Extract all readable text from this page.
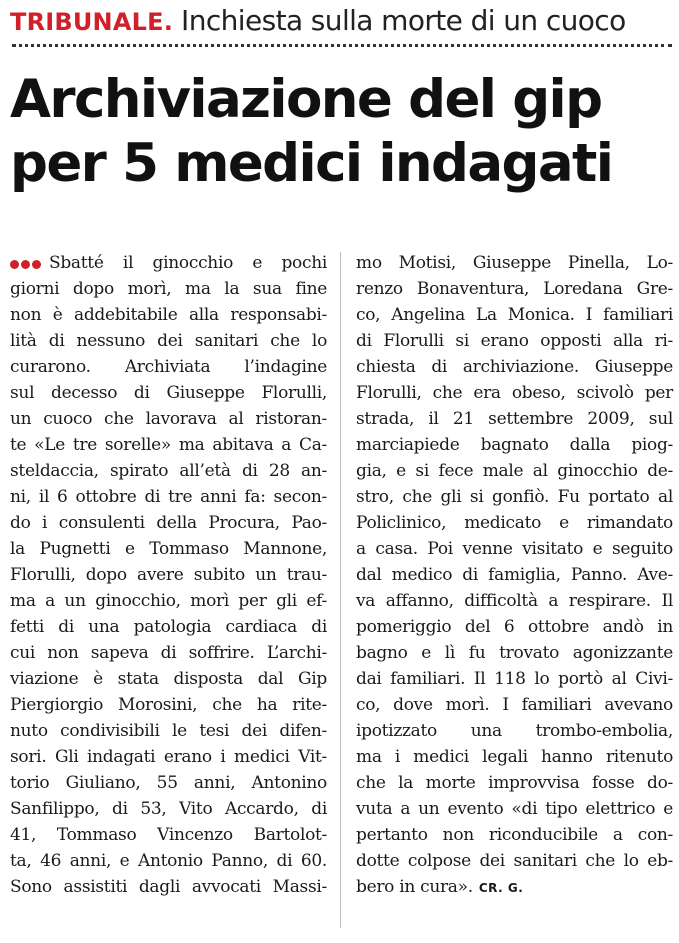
TRIBUNALE. Inchiesta sulla morte di un cuoco
Archiviazione del gip
per 5 medici indagati
Sbatté il ginocchio e pochi
giorni dopo morì, ma la sua fine
non è addebitabile alla responsabi-
lità di nessuno dei sanitari che lo
curarono. Archiviata l’indagine
sul decesso di Giuseppe Florulli,
un cuoco che lavorava al ristoran-
te «Le tre sorelle» ma abitava a Ca-
steldaccia, spirato all’età di 28 an-
ni, il 6 ottobre di tre anni fa: secon-
do i consulenti della Procura, Pao-
la Pugnetti e Tommaso Mannone,
Florulli, dopo avere subito un trau-
ma a un ginocchio, morì per gli ef-
fetti di una patologia cardiaca di
cui non sapeva di soffrire. L’archi-
viazione è stata disposta dal Gip
Piergiorgio Morosini, che ha rite-
nuto condivisibili le tesi dei difen-
sori. Gli indagati erano i medici Vit-
torio Giuliano, 55 anni, Antonino
Sanfilippo, di 53, Vito Accardo, di
41, Tommaso Vincenzo Bartolot-
ta, 46 anni, e Antonio Panno, di 60.
Sono assistiti dagli avvocati Massi-
mo Motisi, Giuseppe Pinella, Lo-
renzo Bonaventura, Loredana Gre-
co, Angelina La Monica. I familiari
di Florulli si erano opposti alla ri-
chiesta di archiviazione. Giuseppe
Florulli, che era obeso, scivolò per
strada, il 21 settembre 2009, sul
marciapiede bagnato dalla piog-
gia, e si fece male al ginocchio de-
stro, che gli si gonfiò. Fu portato al
Policlinico, medicato e rimandato
a casa. Poi venne visitato e seguito
dal medico di famiglia, Panno. Ave-
va affanno, difficoltà a respirare. Il
pomeriggio del 6 ottobre andò in
bagno e lì fu trovato agonizzante
dai familiari. Il 118 lo portò al Civi-
co, dove morì. I familiari avevano
ipotizzato una trombo-embolia,
ma i medici legali hanno ritenuto
che la morte improvvisa fosse do-
vuta a un evento «di tipo elettrico e
pertanto non riconducibile a con-
dotte colpose dei sanitari che lo eb-
bero in cura». CR. G.
